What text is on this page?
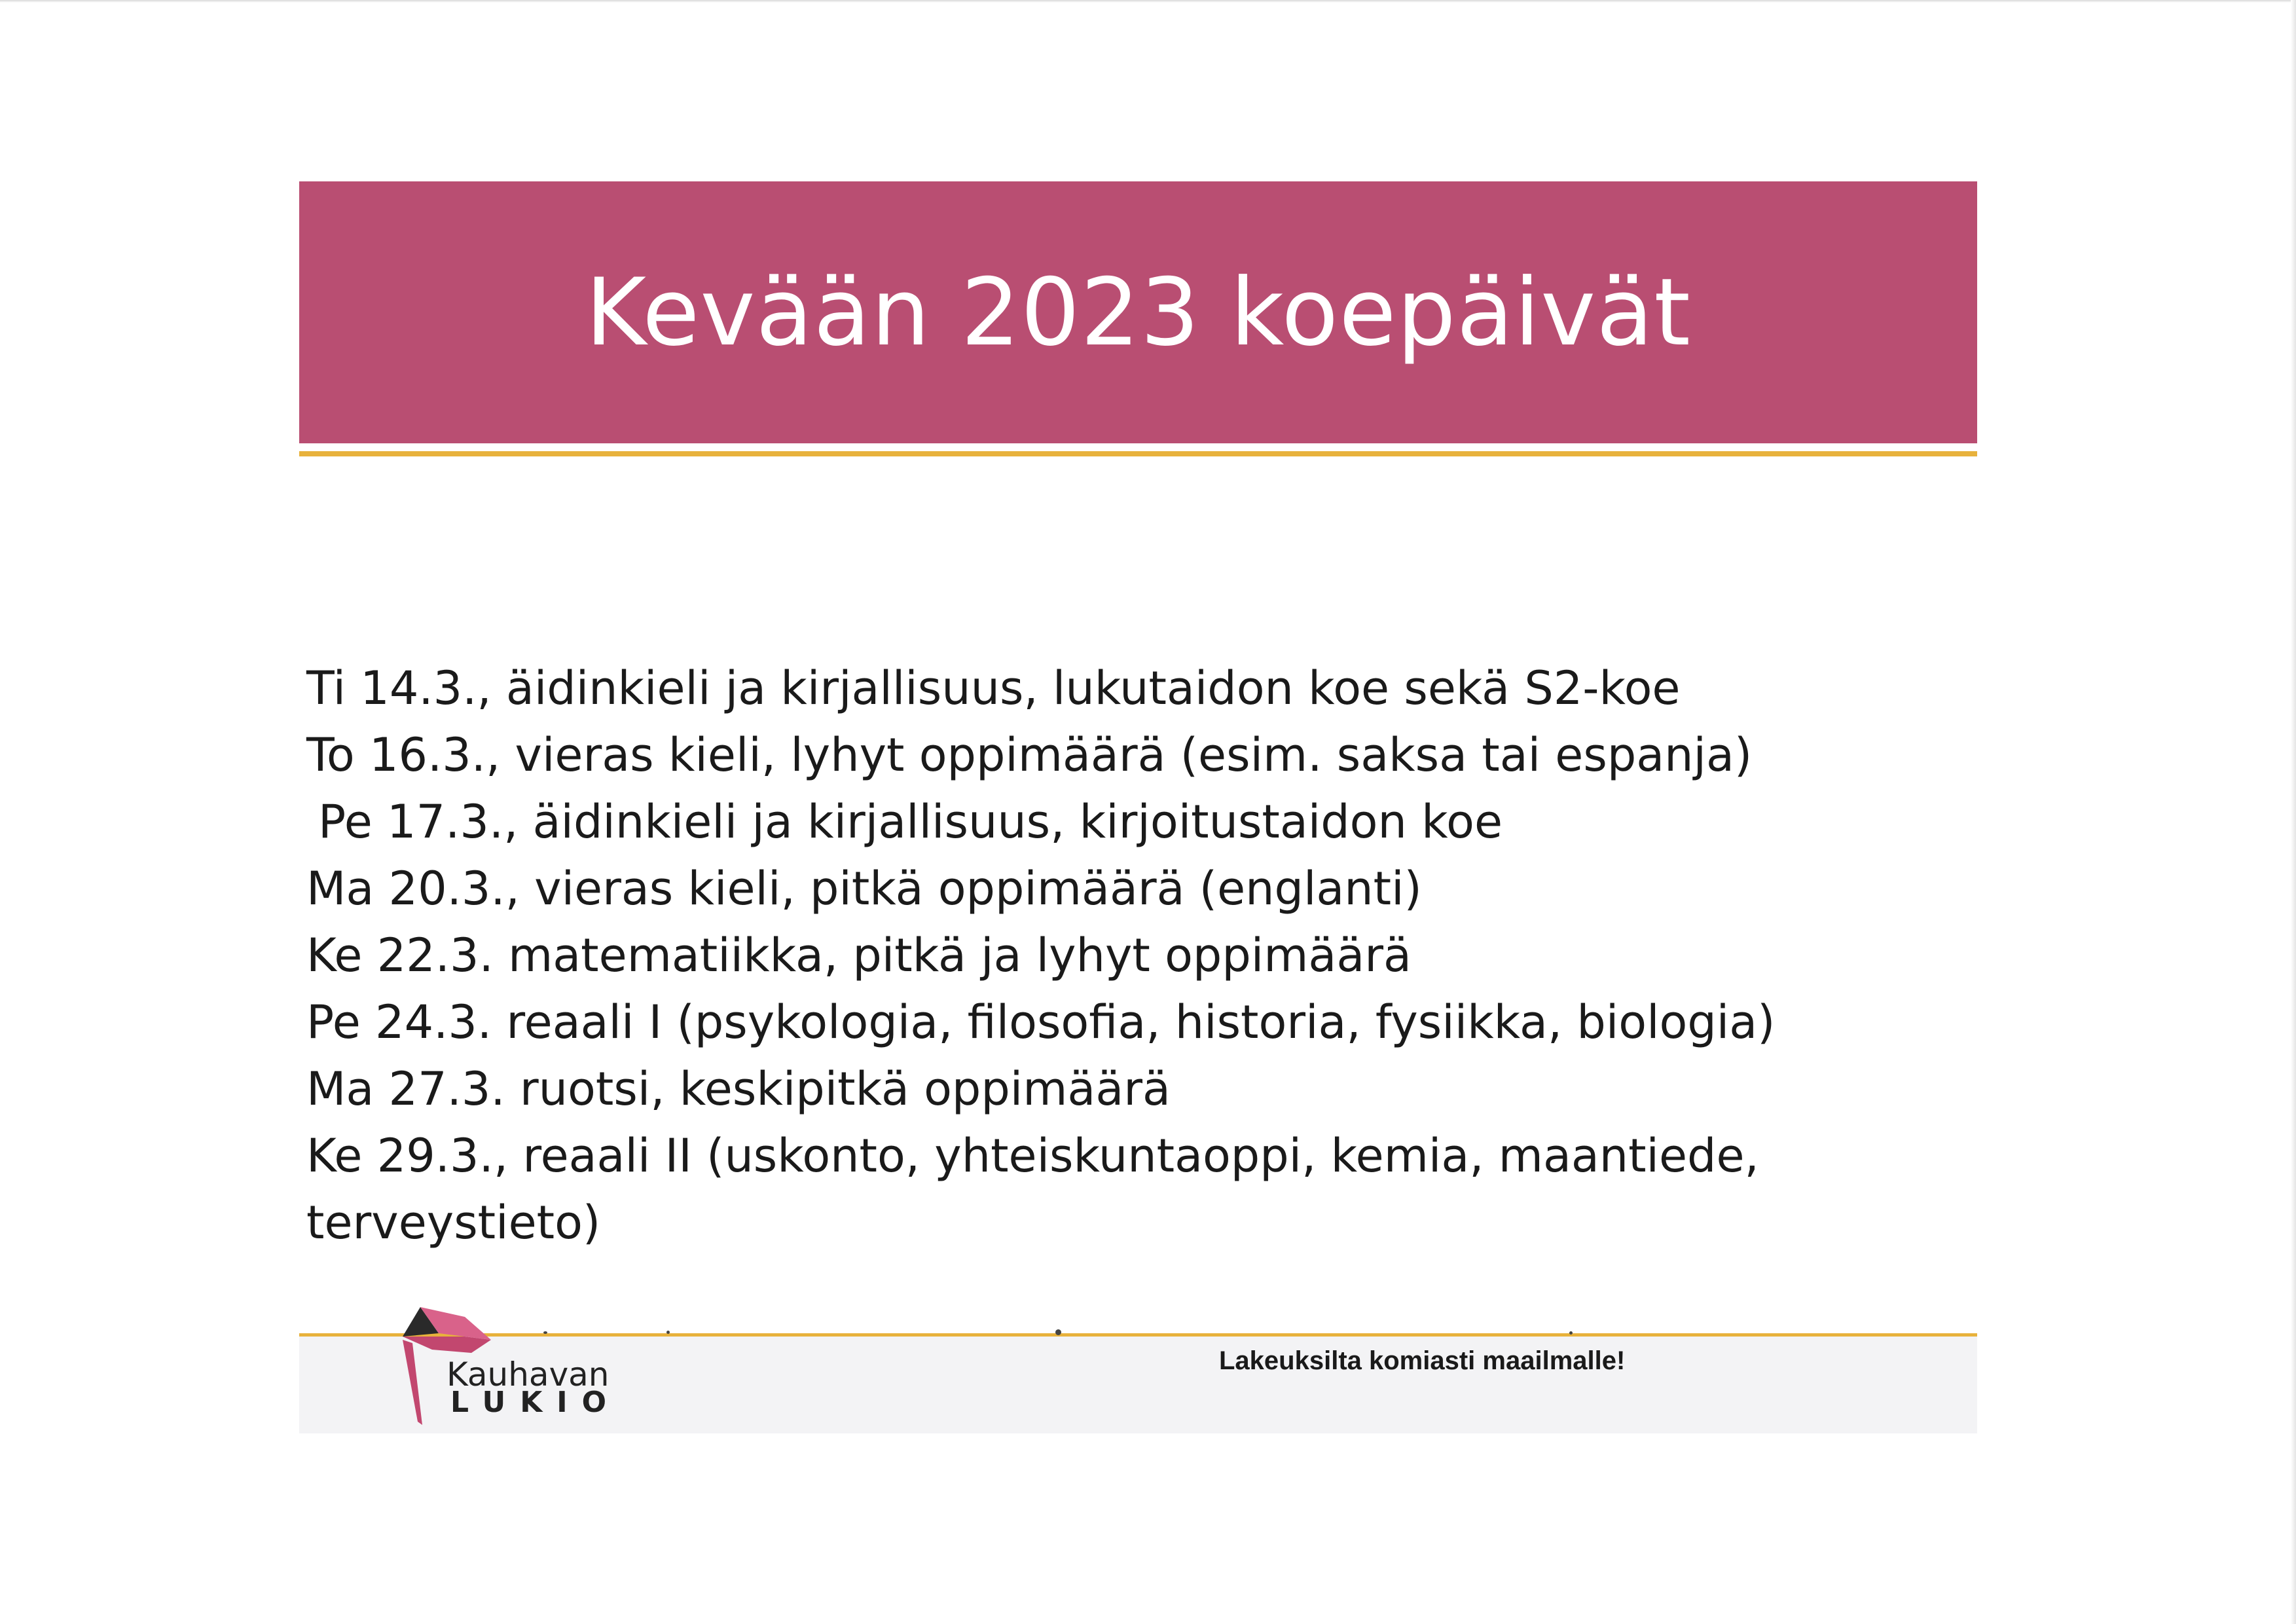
Kevään 2023 koepäivät
Ti 14.3., äidinkieli ja kirjallisuus, lukutaidon koe sekä S2-koe
To 16.3., vieras kieli, lyhyt oppimäärä (esim. saksa tai espanja)
Pe 17.3., äidinkieli ja kirjallisuus, kirjoitustaidon koe
Ma 20.3., vieras kieli, pitkä oppimäärä (englanti)
Ke 22.3. matematiikka, pitkä ja lyhyt oppimäärä
Pe 24.3. reaali I (psykologia, filosofia, historia, fysiikka, biologia)
Ma 27.3. ruotsi, keskipitkä oppimäärä
Ke 29.3., reaali II (uskonto, yhteiskuntaoppi, kemia, maantiede,
terveystieto)
Kauhavan
LUKIO
Lakeuksilta komiasti maailmalle!
